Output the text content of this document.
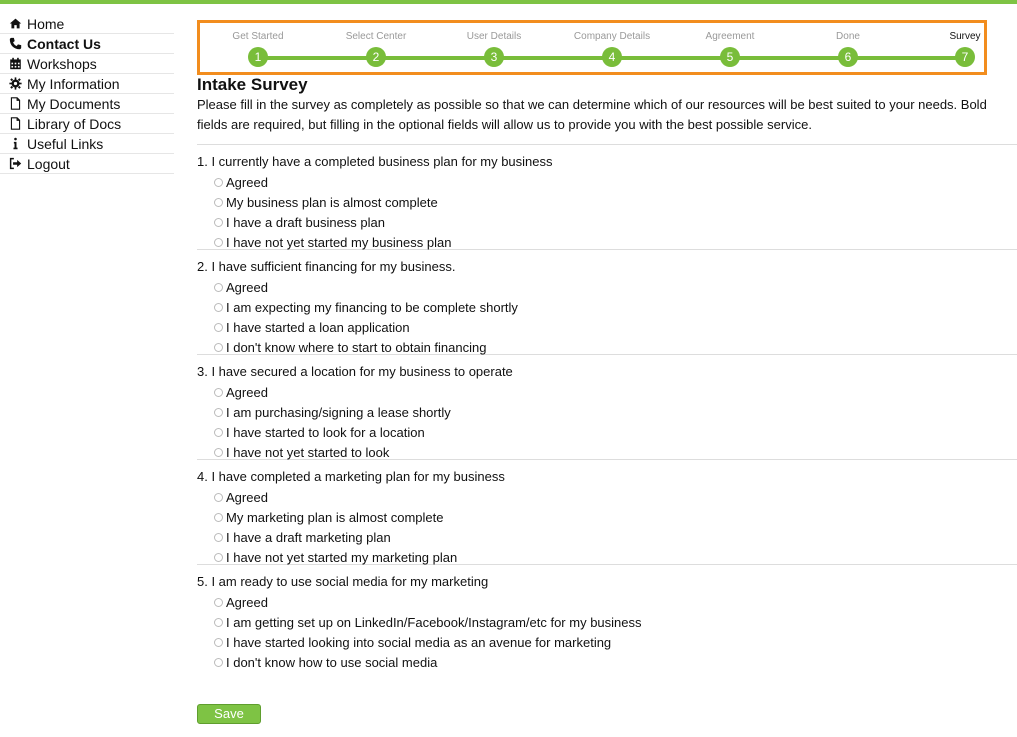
Home
Contact Us
Workshops
My Information
My Documents
Library of Docs
Useful Links
Logout
Get Started
1
Select Center
2
User Details
3
Company Details
4
Agreement
5
Done
6
Survey
7
Intake Survey

Please fill in the survey as completely as possible so that we can determine which of our resources will be best suited to your needs. Bold fields are required, but filling in the optional fields will allow us to provide you with the best possible service.

1. I currently have a completed business plan for my business
Agreed
My business plan is almost complete
I have a draft business plan
I have not yet started my business plan
2. I have sufficient financing for my business.
Agreed
I am expecting my financing to be complete shortly
I have started a loan application
I don't know where to start to obtain financing
3. I have secured a location for my business to operate
Agreed
I am purchasing/signing a lease shortly
I have started to look for a location
I have not yet started to look
4. I have completed a marketing plan for my business
Agreed
My marketing plan is almost complete
I have a draft marketing plan
I have not yet started my marketing plan
5. I am ready to use social media for my marketing
Agreed
I am getting set up on LinkedIn/Facebook/Instagram/etc for my business
I have started looking into social media as an avenue for marketing
I don't know how to use social media
Save
